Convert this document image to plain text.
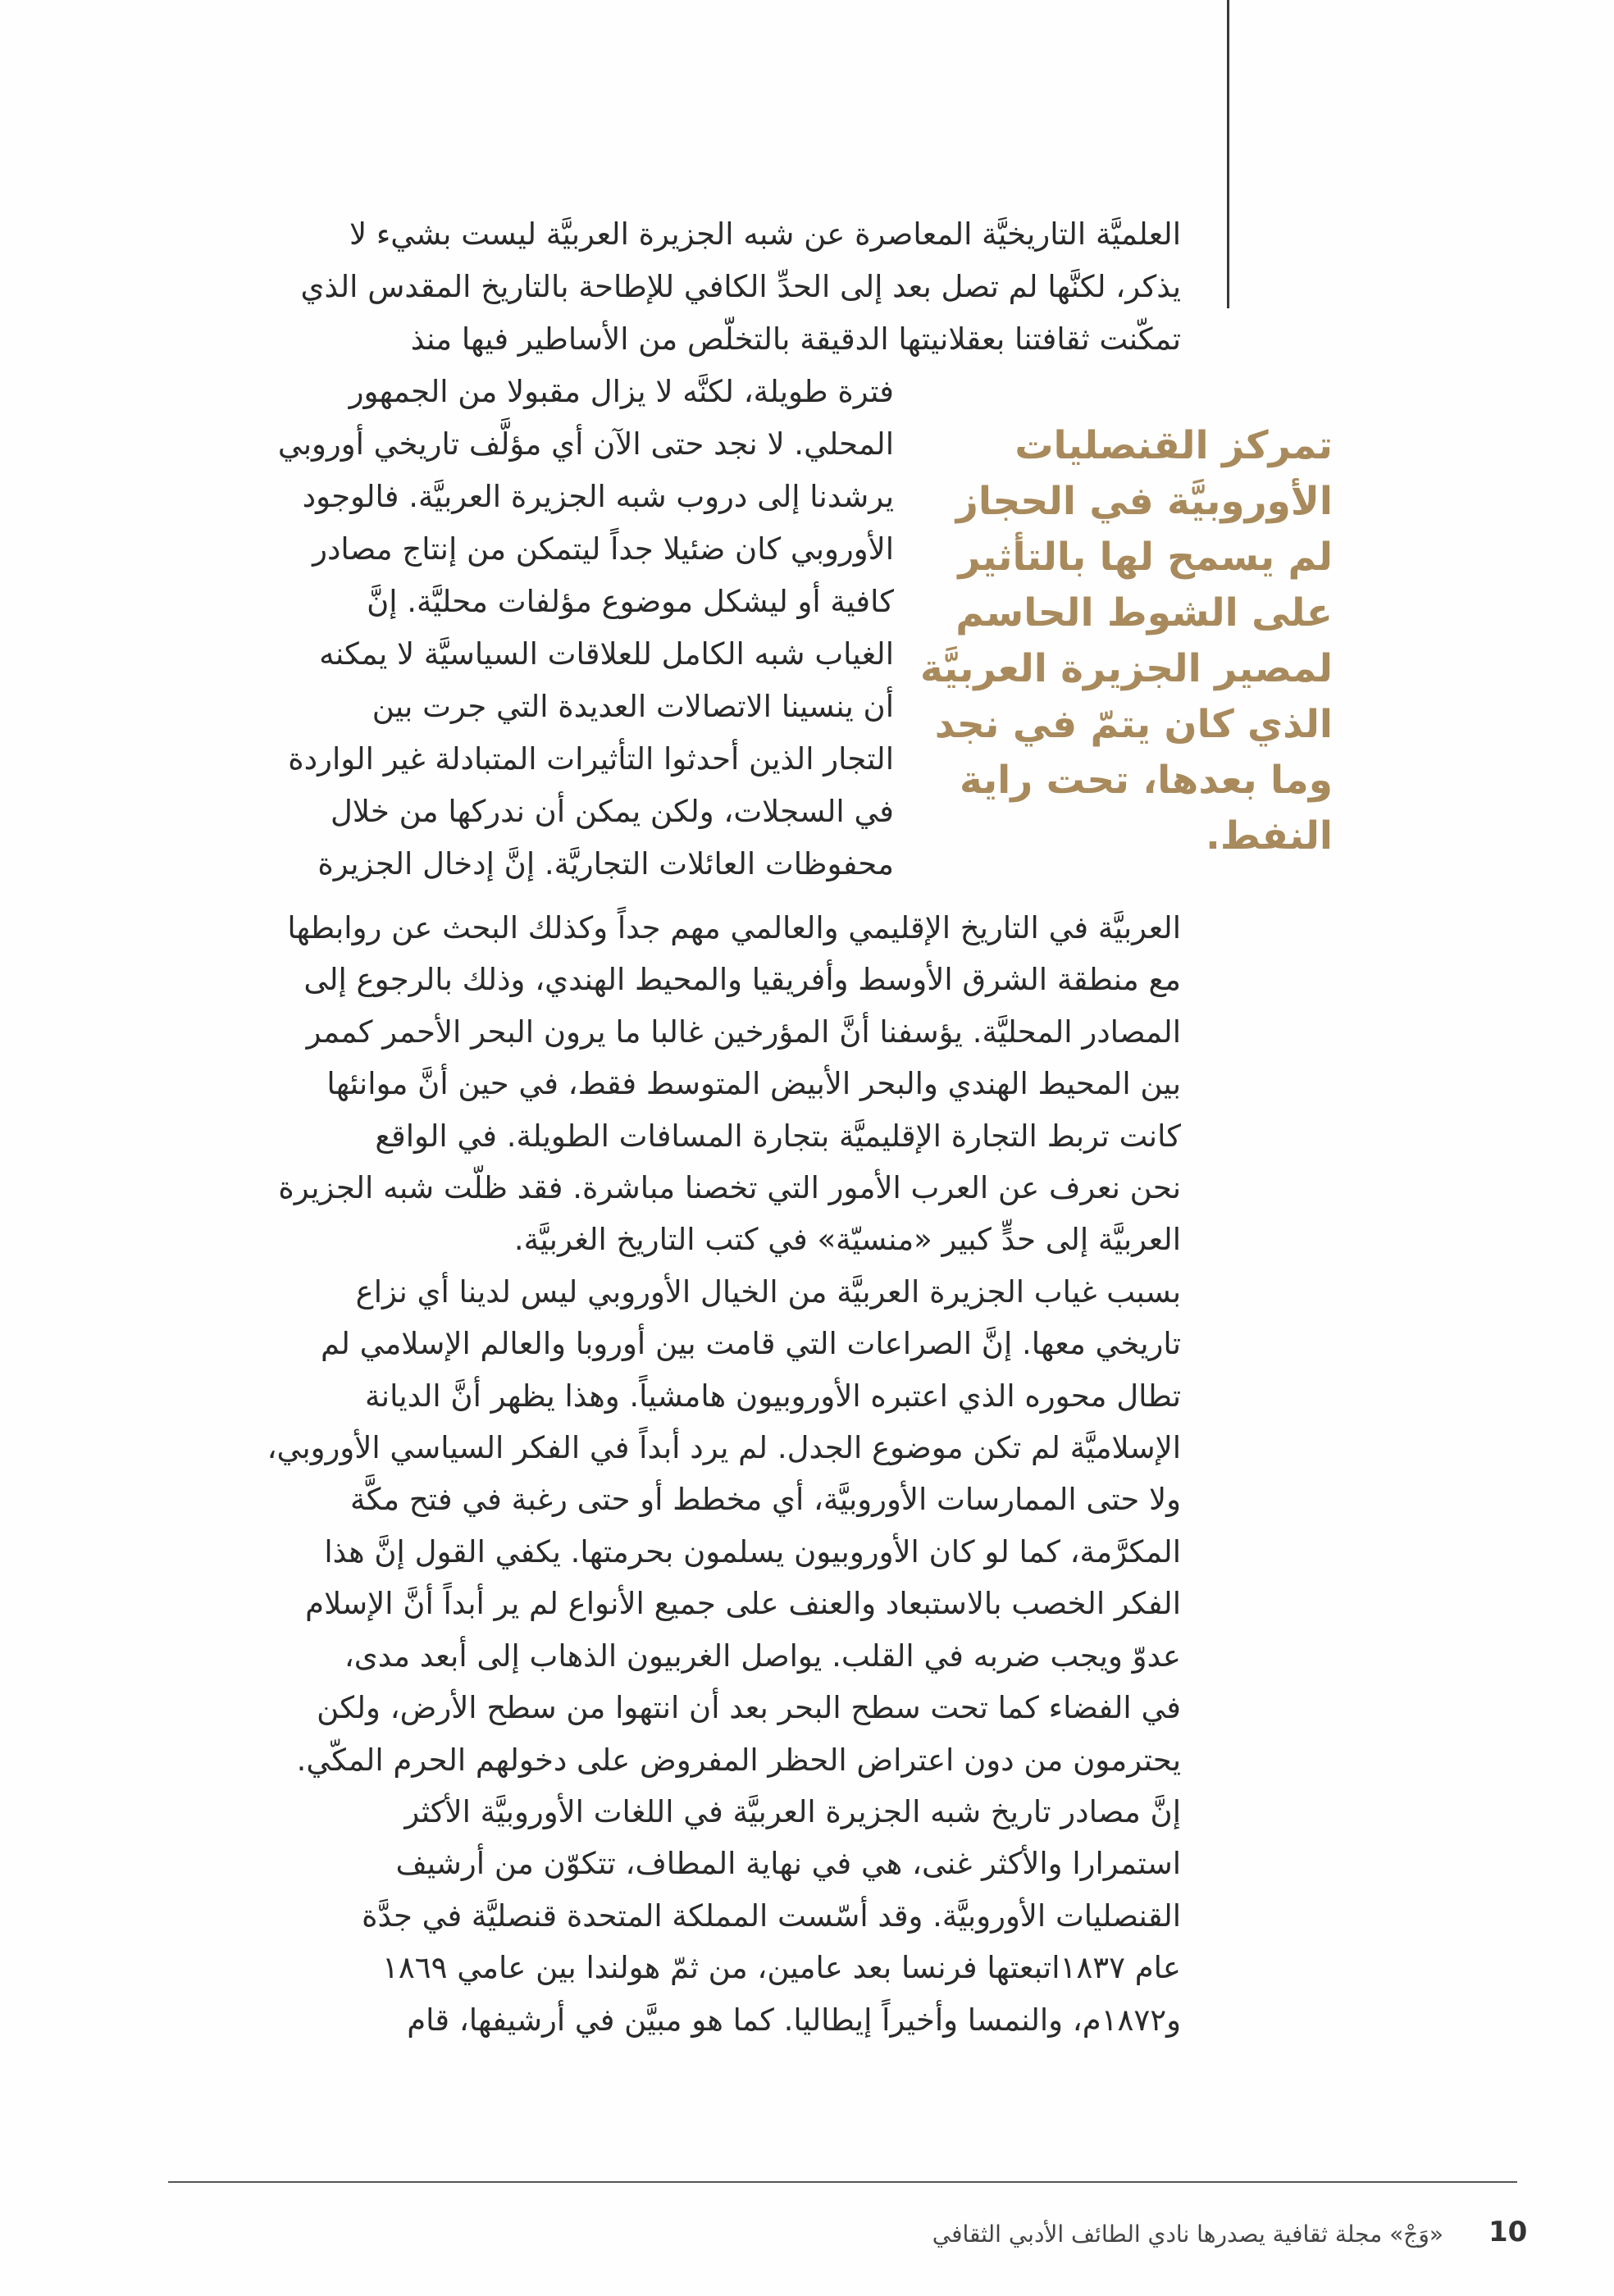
العلميَّة التاريخيَّة المعاصرة عن شبه الجزيرة العربيَّة ليست بشيء لا

يذكر، لكنَّها لم تصل بعد إلى الحدِّ الكافي للإطاحة بالتاريخ المقدس الذي

تمكّنت ثقافتنا بعقلانيتها الدقيقة بالتخلّص من الأساطير فيها منذ

فترة طويلة، لكنَّه لا يزال مقبولا من الجمهور

المحلي. لا نجد حتى الآن أي مؤلَّف تاريخي أوروبي

يرشدنا إلى دروب شبه الجزيرة العربيَّة. فالوجود

الأوروبي كان ضئيلا جداً ليتمكن من إنتاج مصادر

كافية أو ليشكل موضوع مؤلفات محليَّة. إنَّ

الغياب شبه الكامل للعلاقات السياسيَّة لا يمكنه

أن ينسينا الاتصالات العديدة التي جرت بين

التجار الذين أحدثوا التأثيرات المتبادلة غير الواردة

في السجلات، ولكن يمكن أن ندركها من خلال

محفوظات العائلات التجاريَّة. إنَّ إدخال الجزيرة

تمركز القنصليات

الأوروبيَّة في الحجاز

لم يسمح لها بالتأثير

على الشوط الحاسم

لمصير الجزيرة العربيَّة

الذي كان يتمّ في نجد

وما بعدها، تحت راية

النفط.

العربيَّة في التاريخ الإقليمي والعالمي مهم جداً وكذلك البحث عن روابطها

مع منطقة الشرق الأوسط وأفريقيا والمحيط الهندي، وذلك بالرجوع إلى

المصادر المحليَّة. يؤسفنا أنَّ المؤرخين غالبا ما يرون البحر الأحمر كممر

بين المحيط الهندي والبحر الأبيض المتوسط فقط، في حين أنَّ موانئها

كانت تربط التجارة الإقليميَّة بتجارة المسافات الطويلة. في الواقع

نحن نعرف عن العرب الأمور التي تخصنا مباشرة. فقد ظلّت شبه الجزيرة

العربيَّة إلى حدٍّ كبير «منسيّة» في كتب التاريخ الغربيَّة.

بسبب غياب الجزيرة العربيَّة من الخيال الأوروبي ليس لدينا أي نزاع

تاريخي معها. إنَّ الصراعات التي قامت بين أوروبا والعالم الإسلامي لم

تطال محوره الذي اعتبره الأوروبيون هامشياً. وهذا يظهر أنَّ الديانة

الإسلاميَّة لم تكن موضوع الجدل. لم يرد أبداً في الفكر السياسي الأوروبي،

ولا حتى الممارسات الأوروبيَّة، أي مخطط أو حتى رغبة في فتح مكَّة

المكرَّمة، كما لو كان الأوروبيون يسلمون بحرمتها. يكفي القول إنَّ هذا

الفكر الخصب بالاستبعاد والعنف على جميع الأنواع لم ير أبداً أنَّ الإسلام

عدوّ ويجب ضربه في القلب. يواصل الغربيون الذهاب إلى أبعد مدى،

في الفضاء كما تحت سطح البحر بعد أن انتهوا من سطح الأرض، ولكن

يحترمون من دون اعتراض الحظر المفروض على دخولهم الحرم المكّي.

إنَّ مصادر تاريخ شبه الجزيرة العربيَّة في اللغات الأوروبيَّة الأكثر

استمرارا والأكثر غنى، هي في نهاية المطاف، تتكوّن من أرشيف

القنصليات الأوروبيَّة. وقد أسّست المملكة المتحدة قنصليَّة في جدَّة

عام ١٨٣٧اتبعتها فرنسا بعد عامين، من ثمّ هولندا بين عامي ١٨٦٩

و١٨٧٢م، والنمسا وأخيراً إيطاليا. كما هو مبيَّن في أرشيفها، قام

10
«وَجْ» مجلة ثقافية يصدرها نادي الطائف الأدبي الثقافي
